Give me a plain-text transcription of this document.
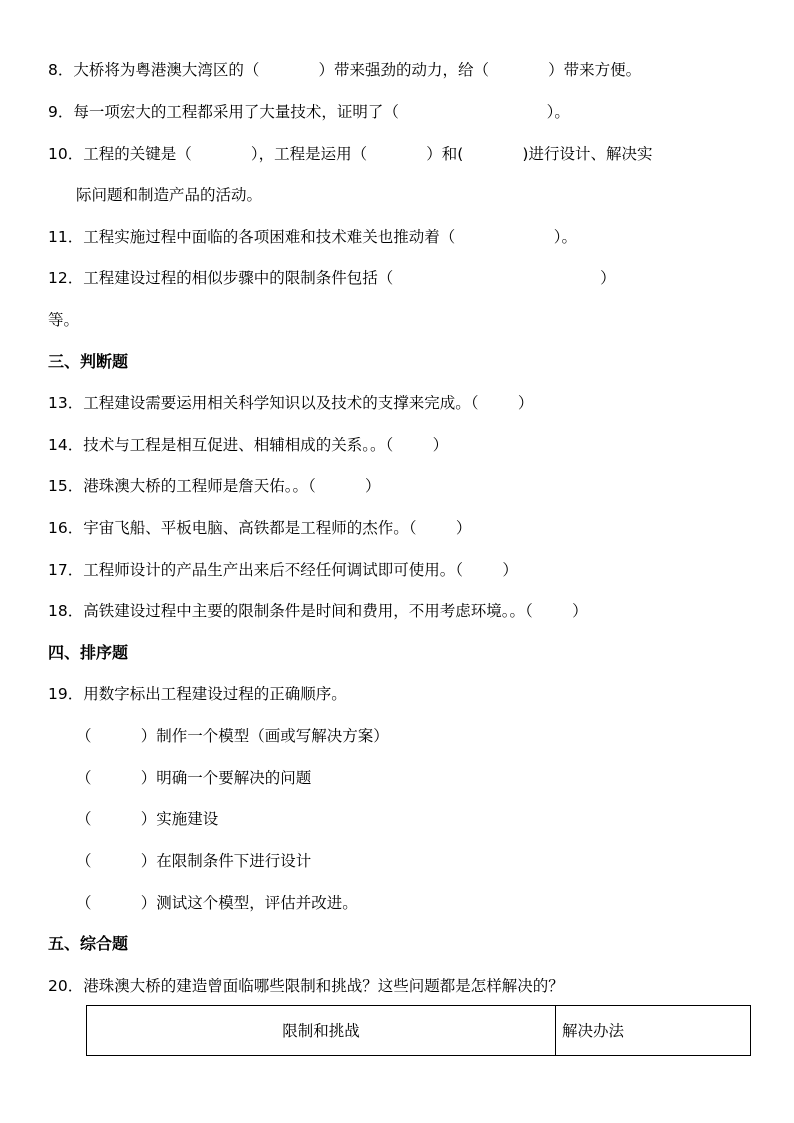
8．大桥将为粤港澳大湾区的（            ）带来强劲的动力，给（            ）带来方便。
9．每一项宏大的工程都采用了大量技术，证明了（                              ）。
10．工程的关键是（            ），工程是运用（            ）和(            )进行设计、解决实
际问题和制造产品的活动。
11．工程实施过程中面临的各项困难和技术难关也推动着（                    ）。
12．工程建设过程的相似步骤中的限制条件包括（                                          ）
等。
三、判断题
13．工程建设需要运用相关科学知识以及技术的支撑来完成。（        ）
14．技术与工程是相互促进、相辅相成的关系。。（        ）
15．港珠澳大桥的工程师是詹天佑。。（          ）
16．宇宙飞船、平板电脑、高铁都是工程师的杰作。（        ）
17．工程师设计的产品生产出来后不经任何调试即可使用。（        ）
18．高铁建设过程中主要的限制条件是时间和费用，不用考虑环境。。（        ）
四、排序题
19．用数字标出工程建设过程的正确顺序。
（          ）制作一个模型（画或写解决方案）
（          ）明确一个要解决的问题
（          ）实施建设
（          ）在限制条件下进行设计
（          ）测试这个模型，评估并改进。
五、综合题
20．港珠澳大桥的建造曾面临哪些限制和挑战？这些问题都是怎样解决的？
限制和挑战	解决办法
